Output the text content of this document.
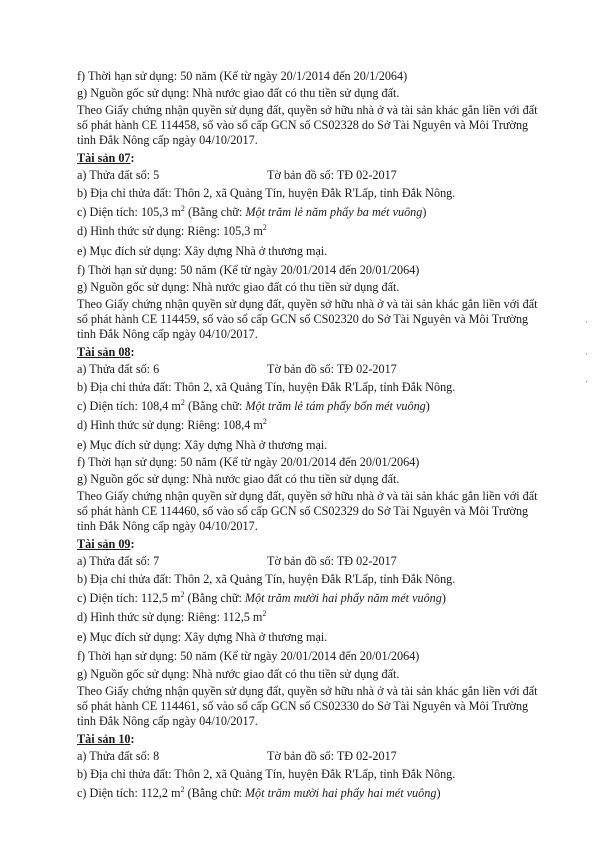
f) Thời hạn sử dụng: 50 năm (Kể từ ngày 20/1/2014 đến 20/1/2064)
g) Nguồn gốc sử dụng: Nhà nước giao đất có thu tiền sử dụng đất.
Theo Giấy chứng nhận quyền sử dụng đất, quyền sở hữu nhà ở và tài sản khác gắn liền với đất
số phát hành CE 114458, số vào sổ cấp GCN số CS02328 do Sở Tài Nguyên và Môi Trường
tỉnh Đắk Nông cấp ngày 04/10/2017.
Tài sản 07:
a) Thửa đất số: 5	Tờ bản đồ số: TĐ 02-2017
b) Địa chỉ thửa đất: Thôn 2, xã Quảng Tín, huyện Đắk R'Lấp, tỉnh Đắk Nông.
c) Diện tích: 105,3 $m^2$ (Bằng chữ: Một trăm lẻ năm phẩy ba mét vuông)
d) Hình thức sử dụng: Riêng: 105,3 $m^2$
e) Mục đích sử dụng: Xây dựng Nhà ở thương mại.
f) Thời hạn sử dụng: 50 năm (Kể từ ngày 20/01/2014 đến 20/01/2064)
g) Nguồn gốc sử dụng: Nhà nước giao đất có thu tiền sử dụng đất.
Theo Giấy chứng nhận quyền sử dụng đất, quyền sở hữu nhà ở và tài sản khác gắn liền với đất
số phát hành CE 114459, số vào sổ cấp GCN số CS02320 do Sở Tài Nguyên và Môi Trường
tỉnh Đắk Nông cấp ngày 04/10/2017.
Tài sản 08:
a) Thửa đất số: 6	Tờ bản đồ số: TĐ 02-2017
b) Địa chỉ thửa đất: Thôn 2, xã Quảng Tín, huyện Đắk R'Lấp, tỉnh Đắk Nông.
c) Diện tích: 108,4 $m^2$ (Bằng chữ: Một trăm lẻ tám phẩy bốn mét vuông)
d) Hình thức sử dụng: Riêng: 108,4 $m^2$
e) Mục đích sử dụng: Xây dựng Nhà ở thương mại.
f) Thời hạn sử dụng: 50 năm (Kể từ ngày 20/01/2014 đến 20/01/2064)
g) Nguồn gốc sử dụng: Nhà nước giao đất có thu tiền sử dụng đất.
Theo Giấy chứng nhận quyền sử dụng đất, quyền sở hữu nhà ở và tài sản khác gắn liền với đất
số phát hành CE 114460, số vào sổ cấp GCN số CS02329 do Sở Tài Nguyên và Môi Trường
tỉnh Đắk Nông cấp ngày 04/10/2017.
Tài sản 09:
a) Thửa đất số: 7	Tờ bản đồ số: TĐ 02-2017
b) Địa chỉ thửa đất: Thôn 2, xã Quảng Tín, huyện Đắk R'Lấp, tỉnh Đắk Nông.
c) Diện tích: 112,5 $m^2$ (Bằng chữ: Một trăm mười hai phẩy năm mét vuông)
d) Hình thức sử dụng: Riêng: 112,5 $m^2$
e) Mục đích sử dụng: Xây dựng Nhà ở thương mại.
f) Thời hạn sử dụng: 50 năm (Kể từ ngày 20/01/2014 đến 20/01/2064)
g) Nguồn gốc sử dụng: Nhà nước giao đất có thu tiền sử dụng đất.
Theo Giấy chứng nhận quyền sử dụng đất, quyền sở hữu nhà ở và tài sản khác gắn liền với đất
số phát hành CE 114461, số vào sổ cấp GCN số CS02330 do Sở Tài Nguyên và Môi Trường
tỉnh Đắk Nông cấp ngày 04/10/2017.
Tài sản 10:
a) Thửa đất số: 8	Tờ bản đồ số: TĐ 02-2017
b) Địa chỉ thửa đất: Thôn 2, xã Quảng Tín, huyện Đắk R'Lấp, tỉnh Đắk Nông.
c) Diện tích: 112,2 $m^2$ (Bằng chữ: Một trăm mười hai phẩy hai mét vuông)
·
·
·
